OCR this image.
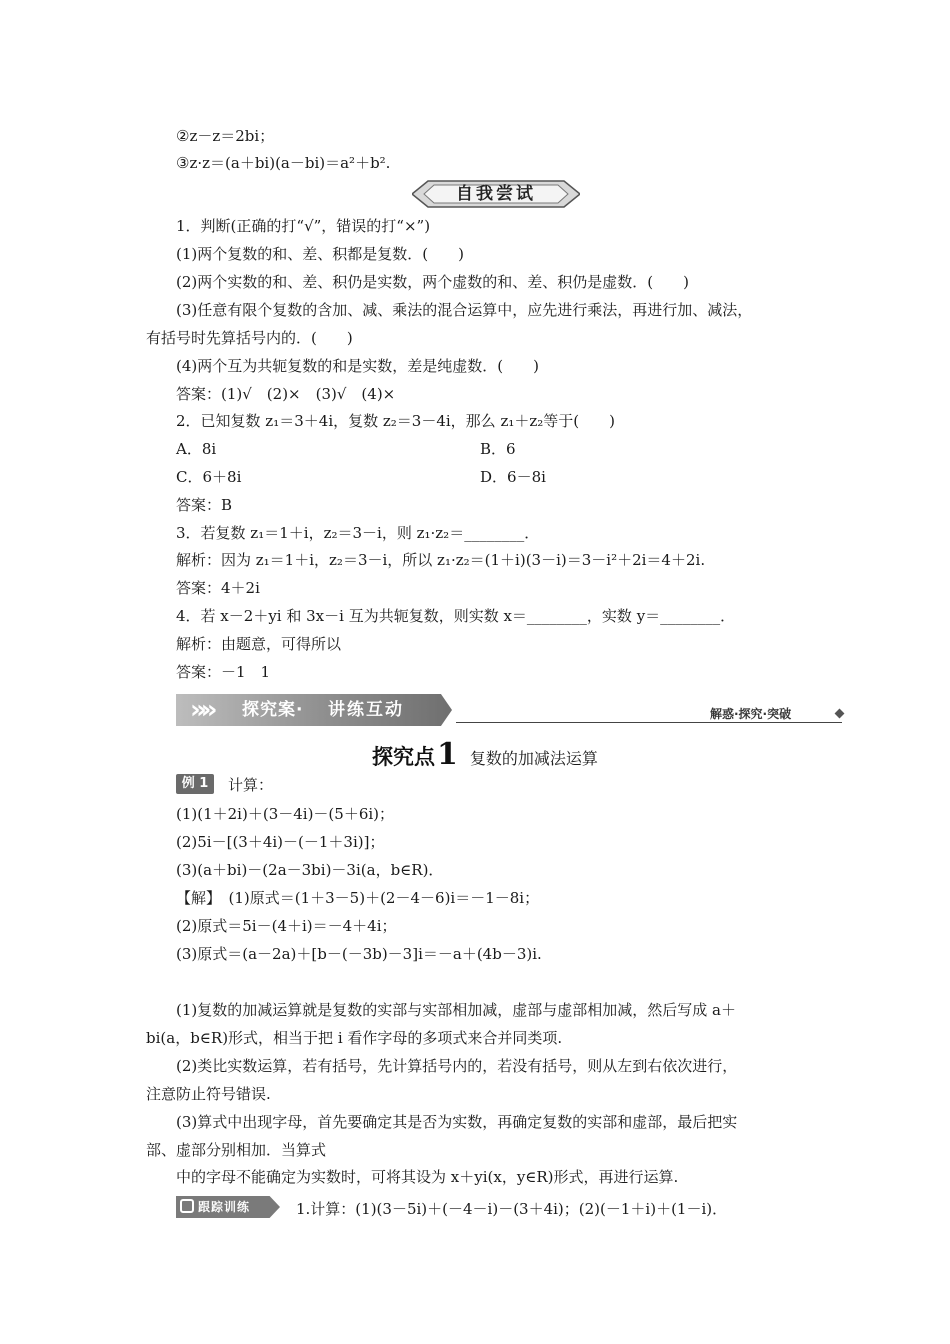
②z－z＝2bi；
③z·z＝(a＋bi)(a－bi)＝a²＋b².
自我尝试
1．判断(正确的打“√”，错误的打“×”)
(1)两个复数的和、差、积都是复数．(　　)
(2)两个实数的和、差、积仍是实数，两个虚数的和、差、积仍是虚数．(　　)
(3)任意有限个复数的含加、减、乘法的混合运算中，应先进行乘法，再进行加、减法，
有括号时先算括号内的．(　　)
(4)两个互为共轭复数的和是实数，差是纯虚数．(　　)
答案：(1)√　(2)×　(3)√　(4)×
2．已知复数 z₁＝3＋4i，复数 z₂＝3－4i，那么 z₁＋z₂等于(　　)
A．8i	B．6
C．6＋8i	D．6－8i
答案：B
3．若复数 z₁＝1＋i，z₂＝3－i，则 z₁·z₂＝________．
解析：因为 z₁＝1＋i，z₂＝3－i，所以 z₁·z₂＝(1＋i)(3－i)＝3－i²＋2i＝4＋2i.
答案：4＋2i
4．若 x－2＋yi 和 3x－i 互为共轭复数，则实数 x＝________，实数 y＝________．
解析：由题意，可得所以
答案：－1　1
»» 探究案· 讲练互动	解惑·探究·突破
探究点1 复数的加减法运算
例 1	计算：
(1)(1＋2i)＋(3－4i)－(5＋6i)；
(2)5i－[(3＋4i)－(－1＋3i)]；
(3)(a＋bi)－(2a－3bi)－3i(a，b∈R)．
【解】　(1)原式＝(1＋3－5)＋(2－4－6)i＝－1－8i；
(2)原式＝5i－(4＋i)＝－4＋4i；
(3)原式＝(a－2a)＋[b－(－3b)－3]i＝－a＋(4b－3)i.
(1)复数的加减运算就是复数的实部与实部相加减，虚部与虚部相加减，然后写成 a＋
bi(a，b∈R)形式，相当于把 i 看作字母的多项式来合并同类项.
(2)类比实数运算，若有括号，先计算括号内的，若没有括号，则从左到右依次进行，
注意防止符号错误.
(3)算式中出现字母，首先要确定其是否为实数，再确定复数的实部和虚部，最后把实
部、虚部分别相加．当算式
中的字母不能确定为实数时，可将其设为 x＋yi(x，y∈R)形式，再进行运算.
跟踪训练	1.计算：(1)(3－5i)＋(－4－i)－(3＋4i)；(2)(－1＋i)＋(1－i)．
